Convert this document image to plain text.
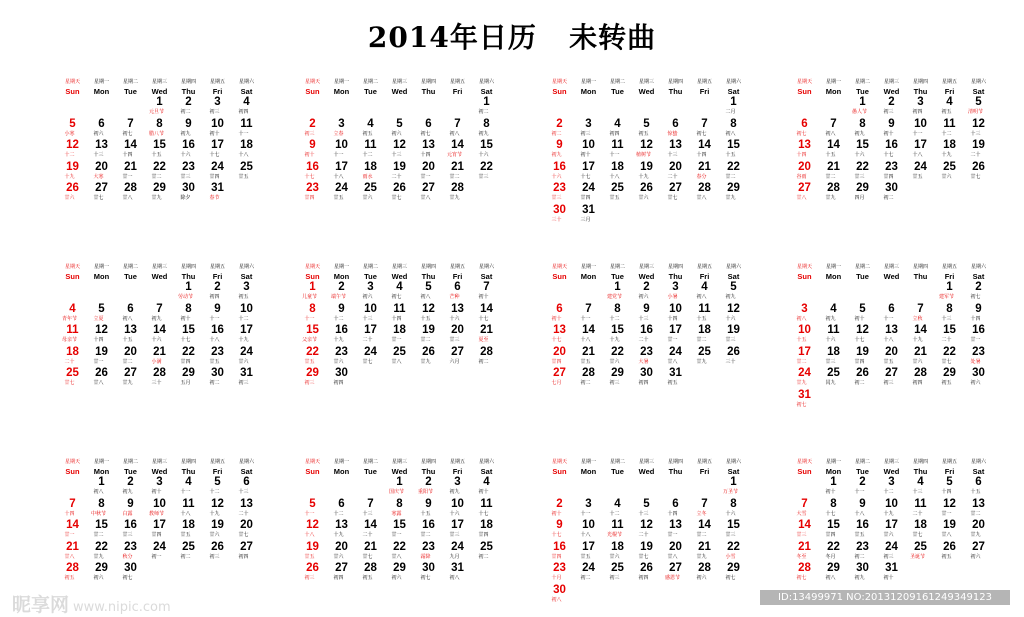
2014年日历   未转曲
星期天
Sun
星期一
Mon
星期二
Tue
星期三
Wed
星期四
Thu
星期五
Fri
星期六
Sat
1
元旦节
2
初二
3
初三
4
初四
5
小寒
6
初六
7
初七
8
腊八节
9
初九
10
初十
11
十一
12
十二
13
十三
14
十四
15
十五
16
十六
17
十七
18
十八
19
十九
20
大寒
21
廿一
22
廿二
23
廿三
24
廿四
25
廿五
26
廿六
27
廿七
28
廿八
29
廿九
30
除夕
31
春节
星期天
Sun
星期一
Mon
星期二
Tue
星期三
Wed
星期四
Thu
星期五
Fri
星期六
Sat
1
初二
2
初三
3
立春
4
初五
5
初六
6
初七
7
初八
8
初九
9
初十
10
十一
11
十二
12
十三
13
十四
14
元宵节
15
十六
16
十七
17
十八
18
雨水
19
二十
20
廿一
21
廿二
22
廿三
23
廿四
24
廿五
25
廿六
26
廿七
27
廿八
28
廿九
星期天
Sun
星期一
Mon
星期二
Tue
星期三
Wed
星期四
Thu
星期五
Fri
星期六
Sat
1
二月
2
初二
3
初三
4
初四
5
初五
6
惊蛰
7
初七
8
初八
9
初九
10
初十
11
十一
12
植树节
13
十三
14
十四
15
十五
16
十六
17
十七
18
十八
19
十九
20
二十
21
春分
22
廿二
23
廿三
24
廿四
25
廿五
26
廿六
27
廿七
28
廿八
29
廿九
30
三十
31
三月
星期天
Sun
星期一
Mon
星期二
Tue
星期三
Wed
星期四
Thu
星期五
Fri
星期六
Sat
1
愚人节
2
初三
3
初四
4
初五
5
清明节
6
初七
7
初八
8
初九
9
初十
10
十一
11
十二
12
十三
13
十四
14
十五
15
十六
16
十七
17
十八
18
十九
19
二十
20
谷雨
21
廿二
22
廿三
23
廿四
24
廿五
25
廿六
26
廿七
27
廿八
28
廿九
29
四月
30
初二
星期天
Sun
星期一
Mon
星期二
Tue
星期三
Wed
星期四
Thu
星期五
Fri
星期六
Sat
1
劳动节
2
初四
3
初五
4
青年节
5
立夏
6
初八
7
初九
8
初十
9
十一
10
十二
11
母亲节
12
十四
13
十五
14
十六
15
十七
16
十八
17
十九
18
二十
19
廿一
20
廿二
21
小满
22
廿四
23
廿五
24
廿六
25
廿七
26
廿八
27
廿九
28
三十
29
五月
30
初二
31
初三
星期天
Sun
星期一
Mon
星期二
Tue
星期三
Wed
星期四
Thu
星期五
Fri
星期六
Sat
1
儿童节
2
端午节
3
初六
4
初七
5
初八
6
芒种
7
初十
8
十一
9
十二
10
十三
11
十四
12
十五
13
十六
14
十七
15
父亲节
16
十九
17
二十
18
廿一
19
廿二
20
廿三
21
夏至
22
廿五
23
廿六
24
廿七
25
廿八
26
廿九
27
六月
28
初二
29
初三
30
初四
星期天
Sun
星期一
Mon
星期二
Tue
星期三
Wed
星期四
Thu
星期五
Fri
星期六
Sat
1
建党节
2
初六
3
小暑
4
初八
5
初九
6
初十
7
十一
8
十二
9
十三
10
十四
11
十五
12
十六
13
十七
14
十八
15
十九
16
二十
17
廿一
18
廿二
19
廿三
20
廿四
21
廿五
22
廿六
23
大暑
24
廿八
25
廿九
26
三十
27
七月
28
初二
29
初三
30
初四
31
初五
星期天
Sun
星期一
Mon
星期二
Tue
星期三
Wed
星期四
Thu
星期五
Fri
星期六
Sat
1
建军节
2
初七
3
初八
4
初九
5
初十
6
十一
7
立秋
8
十三
9
十四
10
十五
11
十六
12
十七
13
十八
14
十九
15
二十
16
廿一
17
廿二
18
廿三
19
廿四
20
廿五
21
廿六
22
廿七
23
处暑
24
廿九
25
闰九
26
初二
27
初三
28
初四
29
初五
30
初六
31
初七
星期天
Sun
星期一
Mon
星期二
Tue
星期三
Wed
星期四
Thu
星期五
Fri
星期六
Sat
1
初八
2
初九
3
初十
4
十一
5
十二
6
十三
7
十四
8
中秋节
9
白露
10
教师节
11
十八
12
十九
13
二十
14
廿一
15
廿二
16
廿三
17
廿四
18
廿五
19
廿六
20
廿七
21
廿八
22
廿九
23
秋分
24
初一
25
初二
26
初三
27
初四
28
初五
29
初六
30
初七
星期天
Sun
星期一
Mon
星期二
Tue
星期三
Wed
星期四
Thu
星期五
Fri
星期六
Sat
1
国庆节
2
重阳节
3
初九
4
初十
5
十一
6
十二
7
十三
8
寒露
9
十五
10
十六
11
十七
12
十八
13
十九
14
二十
15
廿一
16
廿二
17
廿三
18
廿四
19
廿五
20
廿六
21
廿七
22
廿八
23
霜降
24
九月
25
初二
26
初三
27
初四
28
初五
29
初六
30
初七
31
初八
星期天
Sun
星期一
Mon
星期二
Tue
星期三
Wed
星期四
Thu
星期五
Fri
星期六
Sat
1
万圣节
2
初十
3
十一
4
十二
5
十三
6
十四
7
立冬
8
十六
9
十七
10
十八
11
光棍节
12
二十
13
廿一
14
廿二
15
廿三
16
廿四
17
廿五
18
廿六
19
廿七
20
廿八
21
廿九
22
小雪
23
十月
24
初二
25
初三
26
初四
27
感恩节
28
初六
29
初七
30
初八
星期天
Sun
星期一
Mon
星期二
Tue
星期三
Wed
星期四
Thu
星期五
Fri
星期六
Sat
1
初十
2
十一
3
十二
4
十三
5
十四
6
十五
7
大雪
8
十七
9
十八
10
十九
11
二十
12
廿一
13
廿二
14
廿三
15
廿四
16
廿五
17
廿六
18
廿七
19
廿八
20
廿九
21
冬至
22
冬月
23
初二
24
初三
25
圣诞节
26
初五
27
初六
28
初七
29
初八
30
初九
31
初十
昵享网 www.nipic.com
ID:13499971 NO:20131209161249349123
